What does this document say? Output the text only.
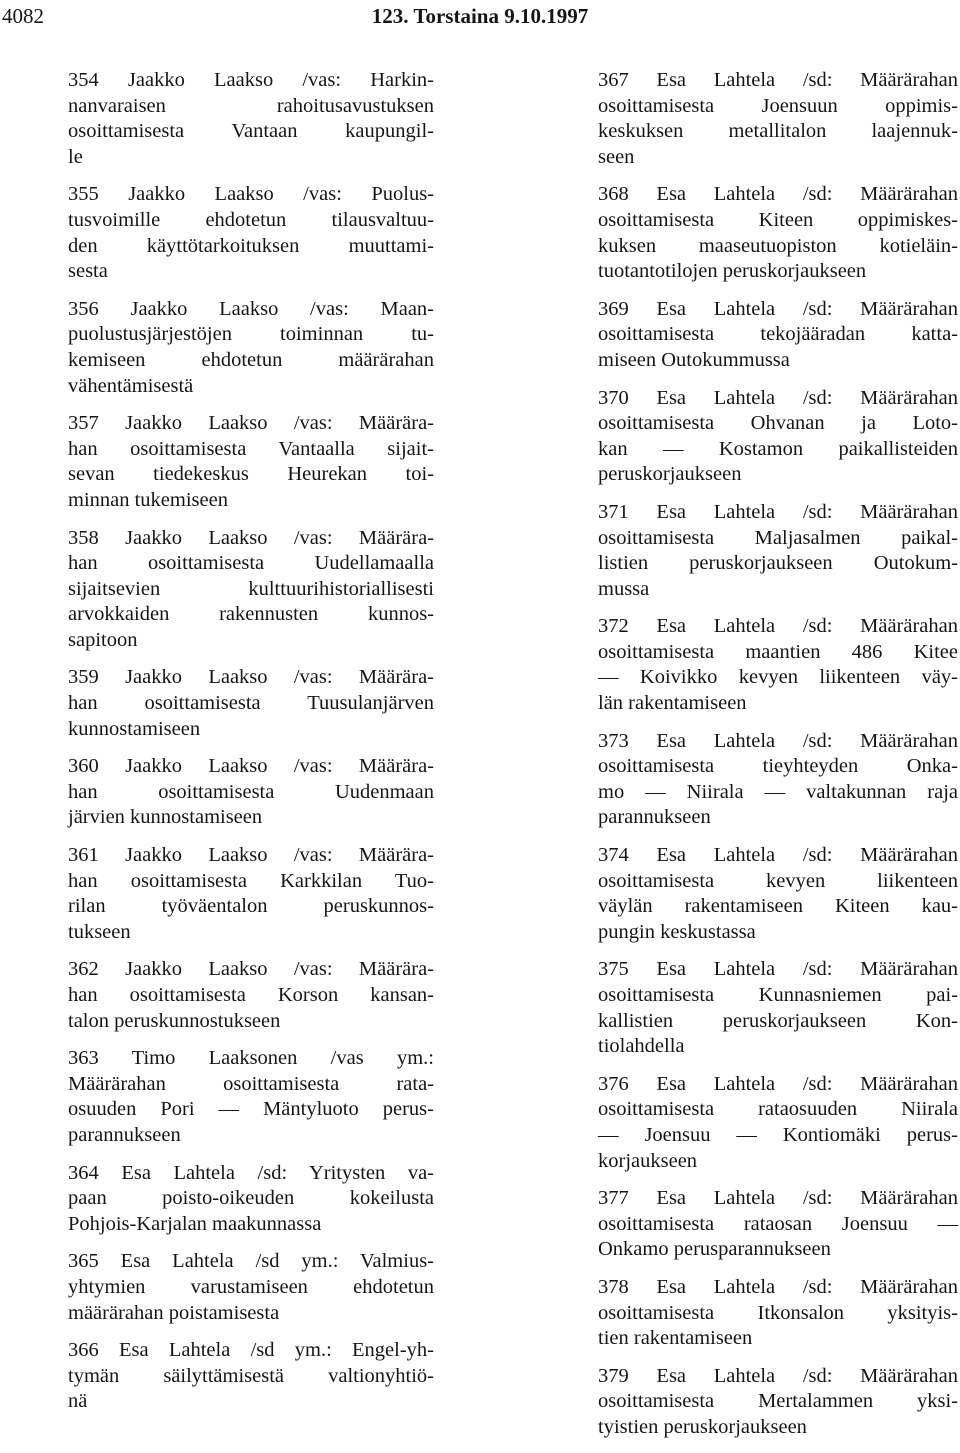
4082	123. Torstaina 9.10.1997

354 Jaakko Laakso /vas: Harkin-
nanvaraisen rahoitusavustuksen
osoittamisesta Vantaan kaupungil-
le

355 Jaakko Laakso /vas: Puolus-
tusvoimille ehdotetun tilausvaltuu-
den käyttötarkoituksen muuttami-
sesta

356 Jaakko Laakso /vas: Maan-
puolustusjärjestöjen toiminnan tu-
kemiseen ehdotetun määrärahan
vähentämisestä

357 Jaakko Laakso /vas: Määrära-
han osoittamisesta Vantaalla sijait-
sevan tiedekeskus Heurekan toi-
minnan tukemiseen

358 Jaakko Laakso /vas: Määrära-
han osoittamisesta Uudellamaalla
sijaitsevien kulttuurihistoriallisesti
arvokkaiden rakennusten kunnos-
sapitoon

359 Jaakko Laakso /vas: Määrära-
han osoittamisesta Tuusulanjärven
kunnostamiseen

360 Jaakko Laakso /vas: Määrära-
han osoittamisesta Uudenmaan
järvien kunnostamiseen

361 Jaakko Laakso /vas: Määrära-
han osoittamisesta Karkkilan Tuo-
rilan työväentalon peruskunnos-
tukseen

362 Jaakko Laakso /vas: Määrära-
han osoittamisesta Korson kansan-
talon peruskunnostukseen

363 Timo Laaksonen /vas ym.:
Määrärahan osoittamisesta rata-
osuuden Pori — Mäntyluoto perus-
parannukseen

364 Esa Lahtela /sd: Yritysten va-
paan poisto-oikeuden kokeilusta
Pohjois-Karjalan maakunnassa

365 Esa Lahtela /sd ym.: Valmius-
yhtymien varustamiseen ehdotetun
määrärahan poistamisesta

366 Esa Lahtela /sd ym.: Engel-yh-
tymän säilyttämisestä valtionyhtiö-
nä

367 Esa Lahtela /sd: Määrärahan
osoittamisesta Joensuun oppimis-
keskuksen metallitalon laajennuk-
seen

368 Esa Lahtela /sd: Määrärahan
osoittamisesta Kiteen oppimiskes-
kuksen maaseutuopiston kotieläin-
tuotantotilojen peruskorjaukseen

369 Esa Lahtela /sd: Määrärahan
osoittamisesta tekojääradan katta-
miseen Outokummussa

370 Esa Lahtela /sd: Määrärahan
osoittamisesta Ohvanan ja Loto-
kan — Kostamon paikallisteiden
peruskorjaukseen

371 Esa Lahtela /sd: Määrärahan
osoittamisesta Maljasalmen paikal-
listien peruskorjaukseen Outokum-
mussa

372 Esa Lahtela /sd: Määrärahan
osoittamisesta maantien 486 Kitee
— Koivikko kevyen liikenteen väy-
län rakentamiseen

373 Esa Lahtela /sd: Määrärahan
osoittamisesta tieyhteyden Onka-
mo — Niirala — valtakunnan raja
parannukseen

374 Esa Lahtela /sd: Määrärahan
osoittamisesta kevyen liikenteen
väylän rakentamiseen Kiteen kau-
pungin keskustassa

375 Esa Lahtela /sd: Määrärahan
osoittamisesta Kunnasniemen pai-
kallistien peruskorjaukseen Kon-
tiolahdella

376 Esa Lahtela /sd: Määrärahan
osoittamisesta rataosuuden Niirala
— Joensuu — Kontiomäki perus-
korjaukseen

377 Esa Lahtela /sd: Määrärahan
osoittamisesta rataosan Joensuu —
Onkamo perusparannukseen

378 Esa Lahtela /sd: Määrärahan
osoittamisesta Itkonsalon yksityis-
tien rakentamiseen

379 Esa Lahtela /sd: Määrärahan
osoittamisesta Mertalammen yksi-
tyistien peruskorjaukseen
